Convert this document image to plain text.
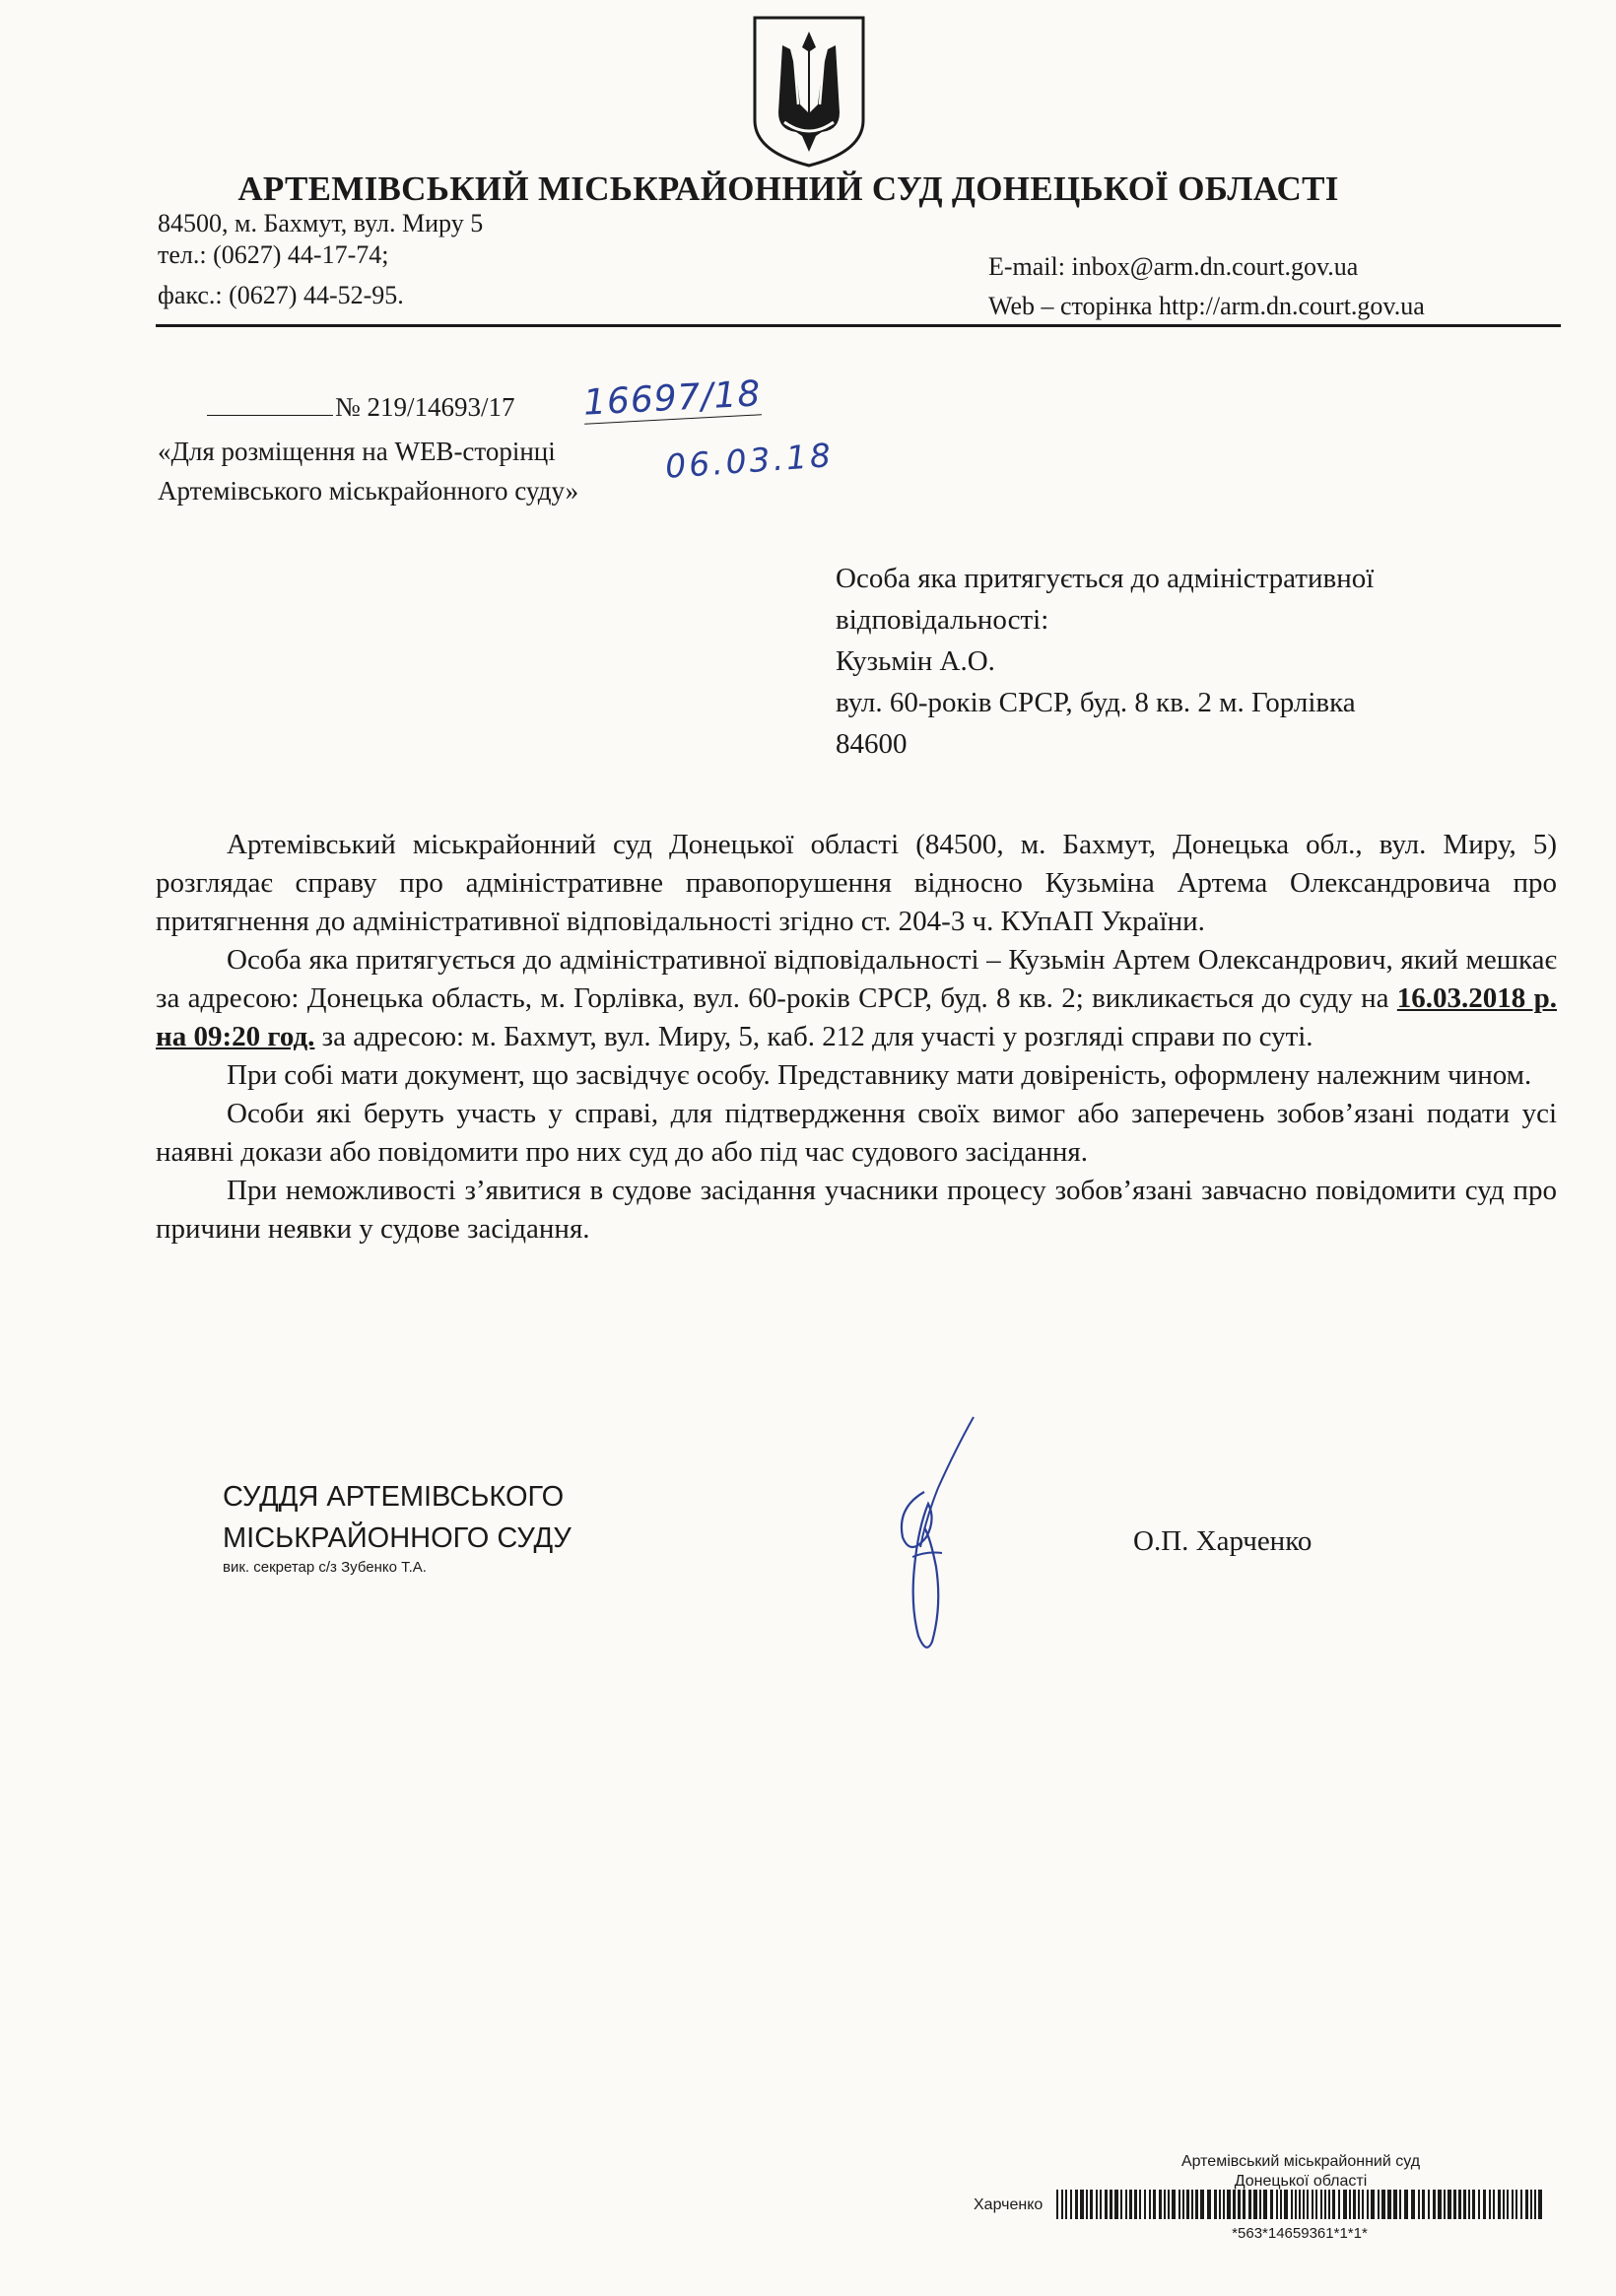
АРТЕМІВСЬКИЙ МІСЬКРАЙОННИЙ СУД ДОНЕЦЬКОЇ ОБЛАСТІ
84500, м. Бахмут, вул. Миру 5
тел.: (0627) 44-17-74;
факс.: (0627) 44-52-95.
E-mail: inbox@arm.dn.court.gov.ua
Web – сторінка http://arm.dn.court.gov.ua
№ 219/14693/17 16697/18
«Для розміщення на WEB-сторінці
Артемівського міськрайонного суду»
06.03.18
Особа яка притягується до адміністративної
відповідальності:
Кузьмін А.О.
вул. 60-років СРСР, буд. 8 кв. 2 м. Горлівка
84600

Артемівський міськрайонний суд Донецької області (84500, м. Бахмут, Донецька обл., вул. Миру, 5) розглядає справу про адміністративне правопорушення відносно Кузьміна Артема Олександровича про притягнення до адміністративної відповідальності згідно ст. 204-3 ч. КУпАП України.

Особа яка притягується до адміністративної відповідальності – Кузьмін Артем Олександрович, який мешкає за адресою: Донецька область, м. Горлівка, вул. 60-років СРСР, буд. 8 кв. 2; викликається до суду на 16.03.2018 р. на 09:20 год. за адресою: м. Бахмут, вул. Миру, 5, каб. 212 для участі у розгляді справи по суті.

При собі мати документ, що засвідчує особу. Представнику мати довіреність, оформлену належним чином.

Особи які беруть участь у справі, для підтвердження своїх вимог або заперечень зобов’язані подати усі наявні докази або повідомити про них суд до або під час судового засідання.

При неможливості з’явитися в судове засідання учасники процесу зобов’язані завчасно повідомити суд про причини неявки у судове засідання.

СУДДЯ АРТЕМІВСЬКОГО
МІСЬКРАЙОННОГО СУДУ
вик. секретар с/з Зубенко Т.А.
О.П. Харченко
Артемівський міськрайонний суд
Донецької області
Харченко
*563*14659361*1*1*
